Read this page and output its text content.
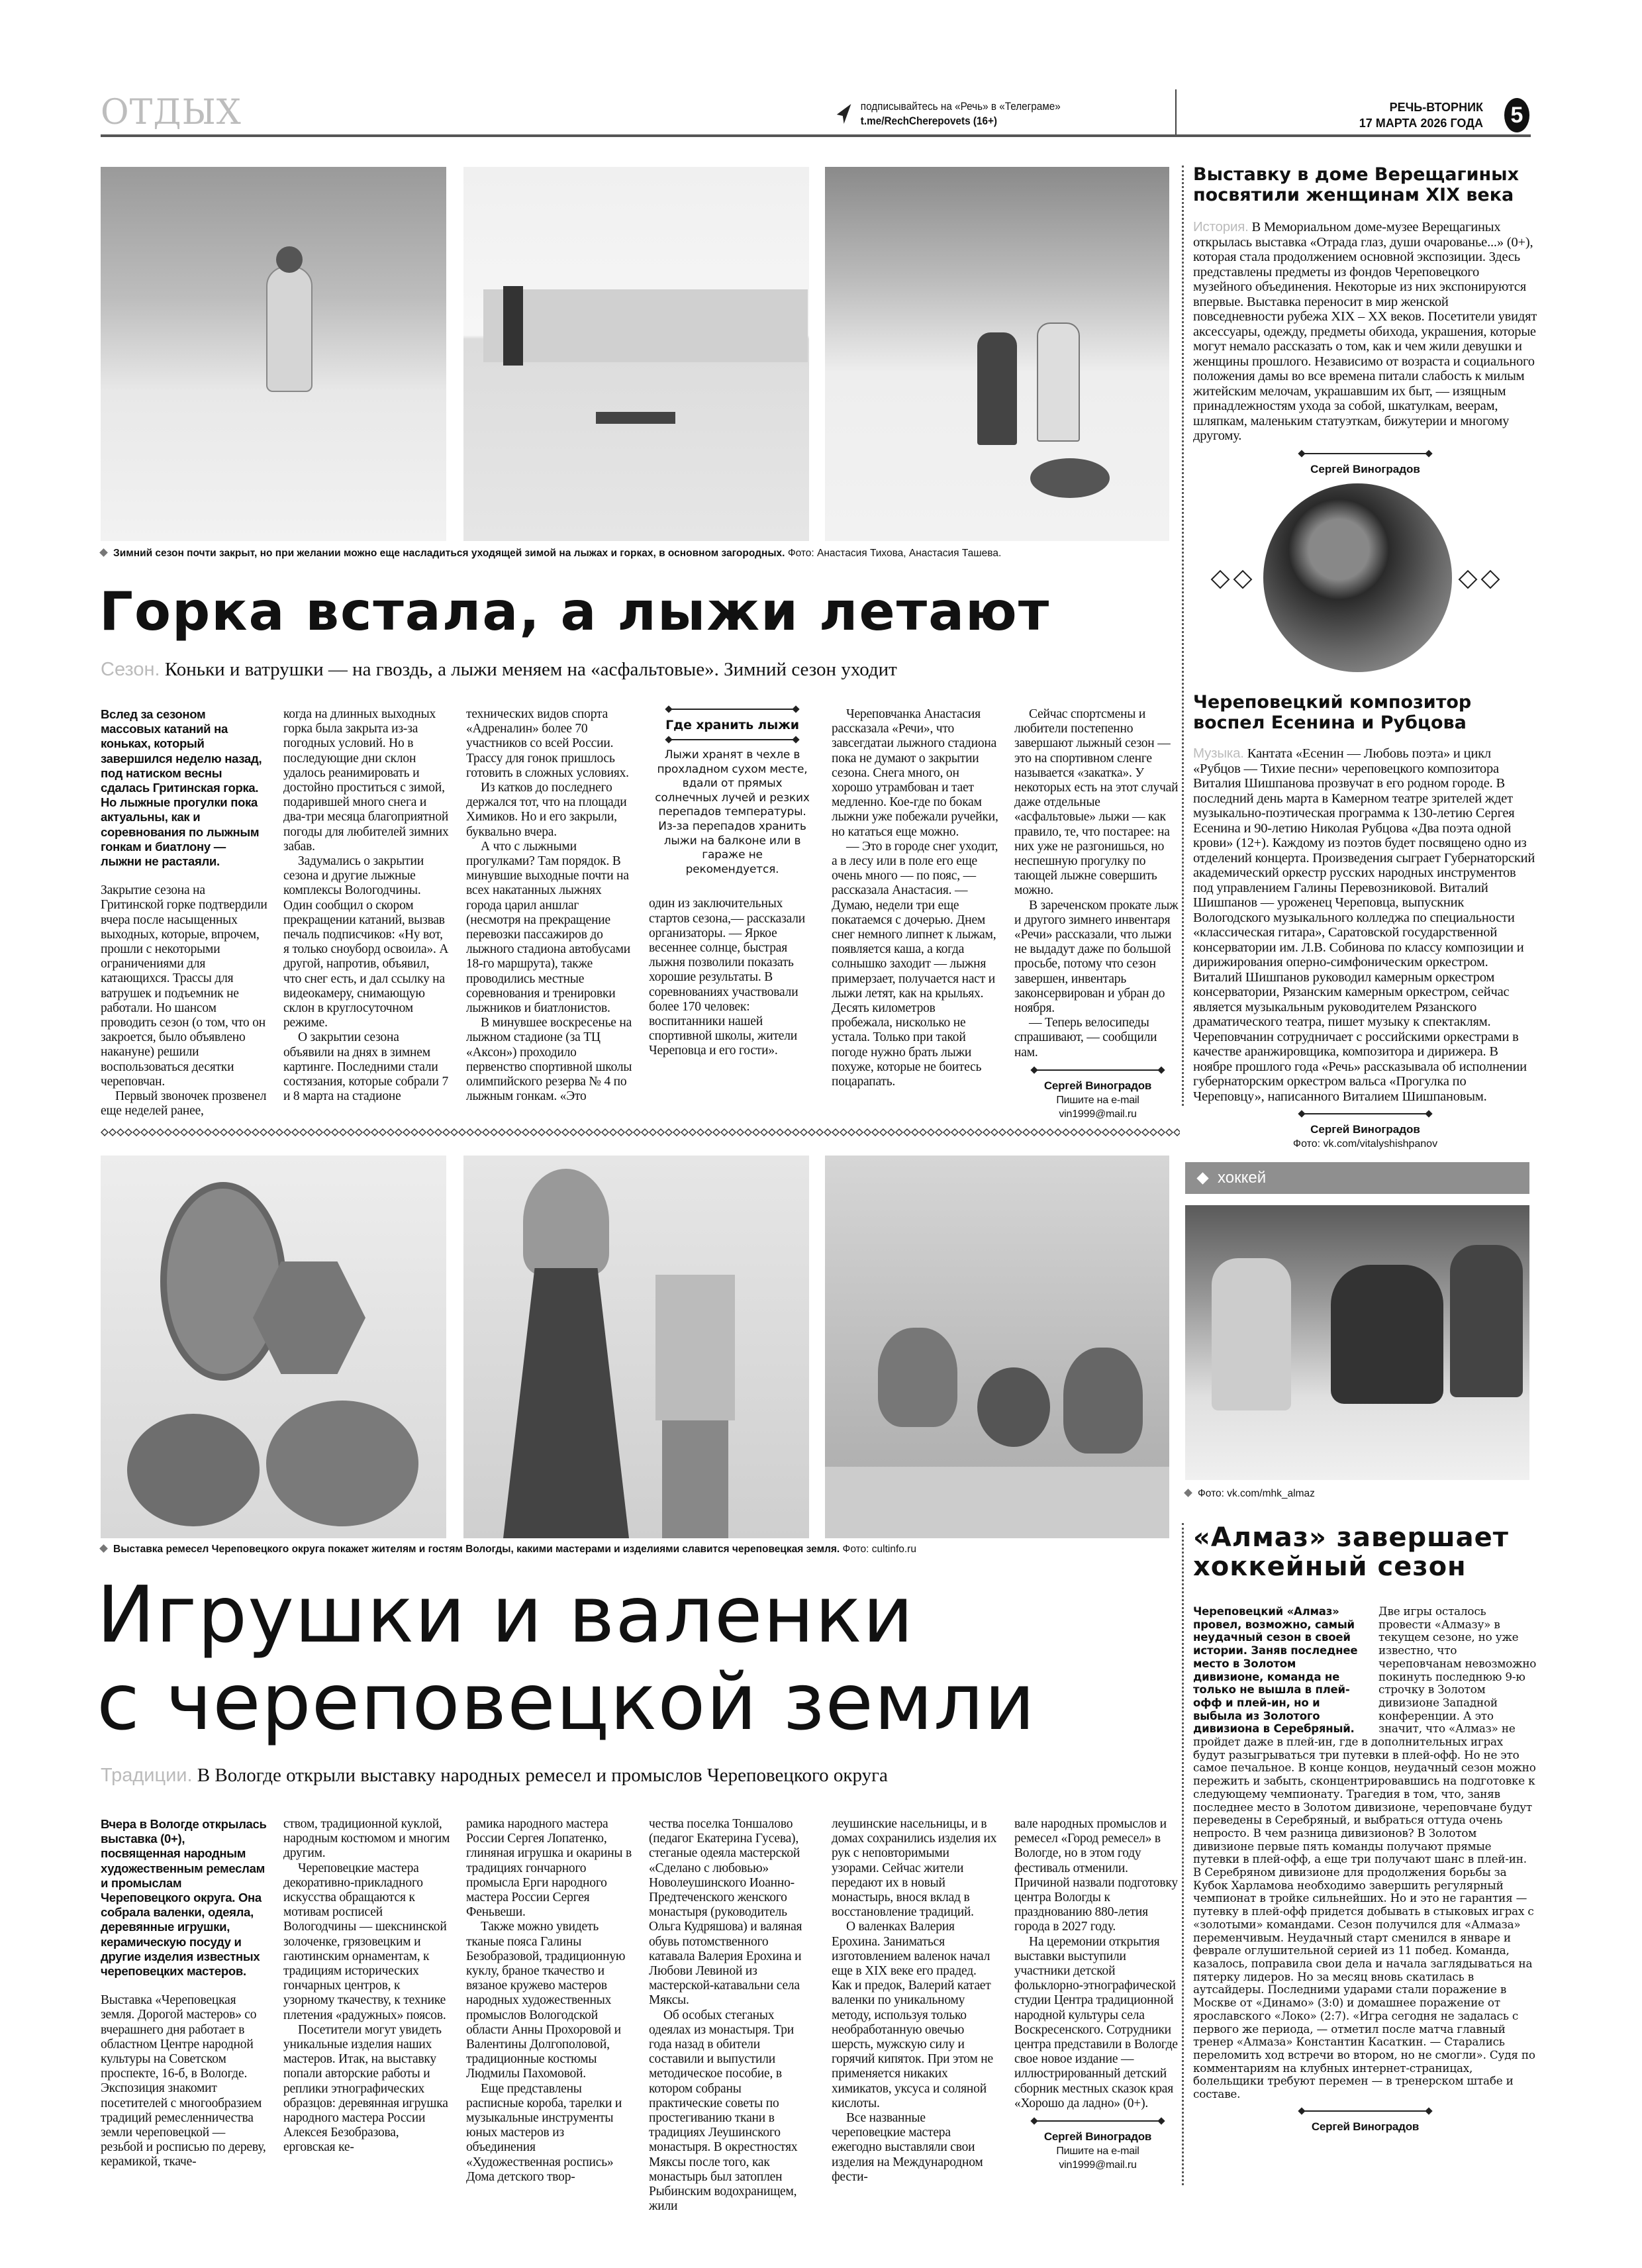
ОТДЫХ	подписывайтесь на «Речь» в «Телеграме»
t.me/RechCherepovets (16+)
РЕЧЬ-ВТОРНИК
17 МАРТА 2026 ГОДА 5
Зимний сезон почти закрыт, но при желании можно еще насладиться уходящей зимой на лыжах и горках, в основном загородных. Фото: Анастасия Тихова, Анастасия Ташева.
Горка встала, а лыжи летают
Сезон. Коньки и ватрушки — на гвоздь, а лыжи меняем на «асфальтовые». Зимний сезон уходит

Вслед за сезоном массовых катаний на коньках, который завершился неделю назад, под натиском весны сдалась Гритинская горка. Но лыжные прогулки пока актуальны, как и соревнования по лыжным гонкам и биатлону — лыжни не растаяли.

Закрытие сезона на Гритинской горке подтвердили вчера после насыщенных выходных, которые, впрочем, прошли с некоторыми ограничениями для катающихся. Трассы для ватрушек и подъемник не работали. Но шансом проводить сезон (о том, что он закроется, было объявлено накануне) решили воспользоваться десятки череповчан.

Первый звоночек прозвенел еще неделей ранее,

когда на длинных выходных горка была закрыта из-за погодных условий. Но в последующие дни склон удалось реанимировать и достойно проститься с зимой, подарившей много снега и два-три месяца благоприятной погоды для любителей зимних забав.

Задумались о закрытии сезона и другие лыжные комплексы Вологодчины. Один сообщил о скором прекращении катаний, вызвав печаль подписчиков: «Ну вот, я только сноуборд освоила». А другой, напротив, объявил, что снег есть, и дал ссылку на видеокамеру, снимающую склон в круглосуточном режиме.

О закрытии сезона объявили на днях в зимнем картинге. Последними стали состязания, которые собрали 7 и 8 марта на стадионе

технических видов спорта «Адреналин» более 70 участников со всей России. Трассу для гонок пришлось готовить в сложных условиях.

Из катков до последнего держался тот, что на площади Химиков. Но и его закрыли, буквально вчера.

А что с лыжными прогулками? Там порядок. В минувшие выходные почти на всех накатанных лыжнях города царил аншлаг (несмотря на прекращение перевозки пассажиров до лыжного стадиона автобусами 18-го маршрута), также проводились местные соревнования и тренировки лыжников и биатлонистов.

В минувшее воскресенье на лыжном стадионе (за ТЦ «Аксон») проходило первенство спортивной школы олимпийского резерва № 4 по лыжным гонкам. «Это

Где хранить лыжи
Лыжи хранят в чехле в прохладном сухом месте, вдали от прямых солнечных лучей и резких перепадов температуры. Из-за перепадов хранить лыжи на балконе или в гараже не рекомендуется.

один из заключительных стартов сезона,— рассказали организаторы. — Яркое весеннее солнце, быстрая лыжня позволили показать хорошие результаты. В соревнованиях участвовали более 170 человек: воспитанники нашей спортивной школы, жители Череповца и его гости».

Череповчанка Анастасия рассказала «Речи», что завсегдатаи лыжного стадиона пока не думают о закрытии сезона. Снега много, он хорошо утрамбован и тает медленно. Кое-где по бокам лыжни уже побежали ручейки, но кататься еще можно.

— Это в городе снег уходит, а в лесу или в поле его еще очень много — по пояс, — рассказала Анастасия. — Думаю, недели три еще покатаемся с дочерью. Днем снег немного липнет к лыжам, появляется каша, а когда солнышко заходит — лыжня примерзает, получается наст и лыжи летят, как на крыльях. Десять километров пробежала, нисколько не устала. Только при такой погоде нужно брать лыжи похуже, которые не боитесь поцарапать.

Сейчас спортсмены и любители постепенно завершают лыжный сезон — это на спортивном сленге называется «закатка». У некоторых есть на этот случай даже отдельные «асфальтовые» лыжи — как правило, те, что постарее: на них уже не разгонишься, но неспешную прогулку по тающей лыжне совершить можно.

В зареченском прокате лыж и другого зимнего инвентаря «Речи» рассказали, что лыжи не выдадут даже по большой просьбе, потому что сезон завершен, инвентарь законсервирован и убран до ноября.

— Теперь велосипеды спрашивают, — сообщили нам.

Сергей Виноградов
Пишите на e-mail
vin1999@mail.ru
Выставка ремесел Череповецкого округа покажет жителям и гостям Вологды, какими мастерами и изделиями славится череповецкая земля. Фото: cultinfo.ru
Игрушки и валенки
с череповецкой земли
Традиции. В Вологде открыли выставку народных ремесел и промыслов Череповецкого округа

Вчера в Вологде открылась выставка (0+), посвященная народным художественным ремеслам и промыслам Череповецкого округа. Она собрала валенки, одеяла, деревянные игрушки, керамическую посуду и другие изделия известных череповецких мастеров.

Выставка «Череповецкая земля. Дорогой мастеров» со вчерашнего дня работает в областном Центре народной культуры на Советском проспекте, 16-б, в Вологде. Экспозиция знакомит посетителей с многообразием традиций ремесленничества земли череповецкой — резьбой и росписью по дереву, керамикой, ткаче-

ством, традиционной куклой, народным костюмом и многим другим.

Череповецкие мастера декоративно-прикладного искусства обращаются к мотивам росписей Вологодчины — шекснинской золоченке, грязовецким и гаютинским орнаментам, к традициям исторических гончарных центров, к узорному ткачеству, к технике плетения «радужных» поясов.

Посетители могут увидеть уникальные изделия наших мастеров. Итак, на выставку попали авторские работы и реплики этнографических образцов: деревянная игрушка народного мастера России Алексея Безобразова, ерговская ке-

рамика народного мастера России Сергея Лопатенко, глиняная игрушка и окарины в традициях гончарного промысла Ерги народного мастера России Сергея Феньвеши.

Также можно увидеть тканые пояса Галины Безобразовой, традиционную куклу, браное ткачество и вязаное кружево мастеров народных художественных промыслов Вологодской области Анны Прохоровой и Валентины Долгополовой, традиционные костюмы Людмилы Пахомовой.

Еще представлены расписные короба, тарелки и музыкальные инструменты юных мастеров из объединения «Художественная роспись» Дома детского твор-

чества поселка Тоншалово (педагог Екатерина Гусева), стеганые одеяла мастерской «Сделано с любовью» Новолеушинского Иоанно-Предтеченского женского монастыря (руководитель Ольга Кудряшова) и валяная обувь потомственного катавала Валерия Ерохина и Любови Левиной из мастерской-катавальни села Мяксы.

Об особых стеганых одеялах из монастыря. Три года назад в обители составили и выпустили методическое пособие, в котором собраны практические советы по простегиванию ткани в традициях Леушинского монастыря. В окрестностях Мяксы после того, как монастырь был затоплен Рыбинским водохранищем, жили

леушинские насельницы, и в домах сохранились изделия их рук с неповторимыми узорами. Сейчас жители передают их в новый монастырь, внося вклад в восстановление традиций.

О валенках Валерия Ерохина. Заниматься изготовлением валенок начал еще в XIX веке его прадед. Как и предок, Валерий катает валенки по уникальному методу, используя только необработанную овечью шерсть, мужскую силу и горячий кипяток. При этом не применяется никаких химикатов, уксуса и соляной кислоты.

Все названные череповецкие мастера ежегодно выставляли свои изделия на Международном фести-

вале народных промыслов и ремесел «Город ремесел» в Вологде, но в этом году фестиваль отменили. Причиной назвали подготовку центра Вологды к празднованию 880-летия города в 2027 году.

На церемонии открытия выставки выступили участники детской фольклорно-этнографической студии Центра традиционной народной культуры села Воскресенского. Сотрудники центра представили в Вологде свое новое издание — иллюстрированный детский сборник местных сказок края «Хорошо да ладно» (0+).

Сергей Виноградов
Пишите на e-mail
vin1999@mail.ru
Выставку в доме Верещагиных посвятили женщинам XIX века
История. В Мемориальном доме-музее Верещагиных открылась выставка «Отрада глаз, души очарованье...» (0+), которая стала продолжением основной экспозиции. Здесь представлены предметы из фондов Череповецкого музейного объединения. Некоторые из них экспонируются впервые. Выставка переносит в мир женской повседневности рубежа XIX – XX веков. Посетители увидят аксессуары, одежду, предметы обихода, украшения, которые могут немало рассказать о том, как и чем жили девушки и женщины прошлого. Независимо от возраста и социального положения дамы во все времена питали слабость к милым житейским мелочам, украшавшим их быт, — изящным принадлежностям ухода за собой, шкатулкам, веерам, шляпкам, маленьким статуэткам, бижутерии и многому другому.
Сергей Виноградов
Череповецкий композитор воспел Есенина и Рубцова
Музыка. Кантата «Есенин — Любовь поэта» и цикл «Рубцов — Тихие песни» череповецкого композитора Виталия Шишпанова прозвучат в его родном городе. В последний день марта в Камерном театре зрителей ждет музыкально-поэтическая программа к 130-летию Сергея Есенина и 90-летию Николая Рубцова «Два поэта одной крови» (12+). Каждому из поэтов будет посвящено одно из отделений концерта. Произведения сыграет Губернаторский академический оркестр русских народных инструментов под управлением Галины Перевозниковой. Виталий Шишпанов — уроженец Череповца, выпускник Вологодского музыкального колледжа по специальности «классическая гитара», Саратовской государственной консерватории им. Л.В. Собинова по классу композиции и дирижирования оперно-симфоническим оркестром. Виталий Шишпанов руководил камерным оркестром консерватории, Рязанским камерным оркестром, сейчас является музыкальным руководителем Рязанского драматического театра, пишет музыку к спектаклям. Череповчанин сотрудничает с российскими оркестрами в качестве аранжировщика, композитора и дирижера. В ноябре прошлого года «Речь» рассказывала об исполнении губернаторским оркестром вальса «Прогулка по Череповцу», написанного Виталием Шишпановым.
Сергей Виноградов
Фото: vk.com/vitalyshishpanov
хоккей
Фото: vk.com/mhk_almaz
«Алмаз» завершает хоккейный сезон
Череповецкий «Алмаз» провел, возможно, самый неудачный сезон в своей истории. Заняв последнее место в Золотом дивизионе, команда не только не вышла в плей-офф и плей-ин, но и выбыла из Золотого дивизиона в Серебряный.
Две игры осталось провести «Алмазу» в текущем сезоне, но уже известно, что череповчанам невозможно покинуть последнюю 9-ю строчку в Золотом дивизионе Западной конференции. А это значит, что «Алмаз» не пройдет даже в плей-ин, где в дополнительных играх будут разыгрываться три путевки в плей-офф. Но не это самое печальное. В конце концов, неудачный сезон можно пережить и забыть, сконцентрировавшись на подготовке к следующему чемпионату. Трагедия в том, что, заняв последнее место в Золотом дивизионе, череповчане будут переведены в Серебряный, и выбраться оттуда очень непросто. В чем разница дивизионов? В Золотом дивизионе первые пять команды получают прямые путевки в плей-офф, а еще три получают шанс в плей-ин. В Серебряном дивизионе для продолжения борьбы за Кубок Харламова необходимо завершить регулярный чемпионат в тройке сильнейших. Но и это не гарантия — путевку в плей-офф придется добывать в стыковых играх с «золотыми» командами. Сезон получился для «Алмаза» переменчивым. Неудачный старт сменился в январе и феврале оглушительной серией из 11 побед. Команда, казалось, поправила свои дела и начала заглядываться на пятерку лидеров. Но за месяц вновь скатилась в аутсайдеры. Последними ударами стали поражение в Москве от «Динамо» (3:0) и домашнее поражение от ярославского «Локо» (2:7). «Игра сегодня не задалась с первого же периода, — отметил после матча главный тренер «Алмаза» Константин Касаткин. — Старались переломить ход встречи во втором, но не смогли». Судя по комментариям на клубных интернет-страницах, болельщики требуют перемен — в тренерском штабе и составе.
Сергей Виноградов
